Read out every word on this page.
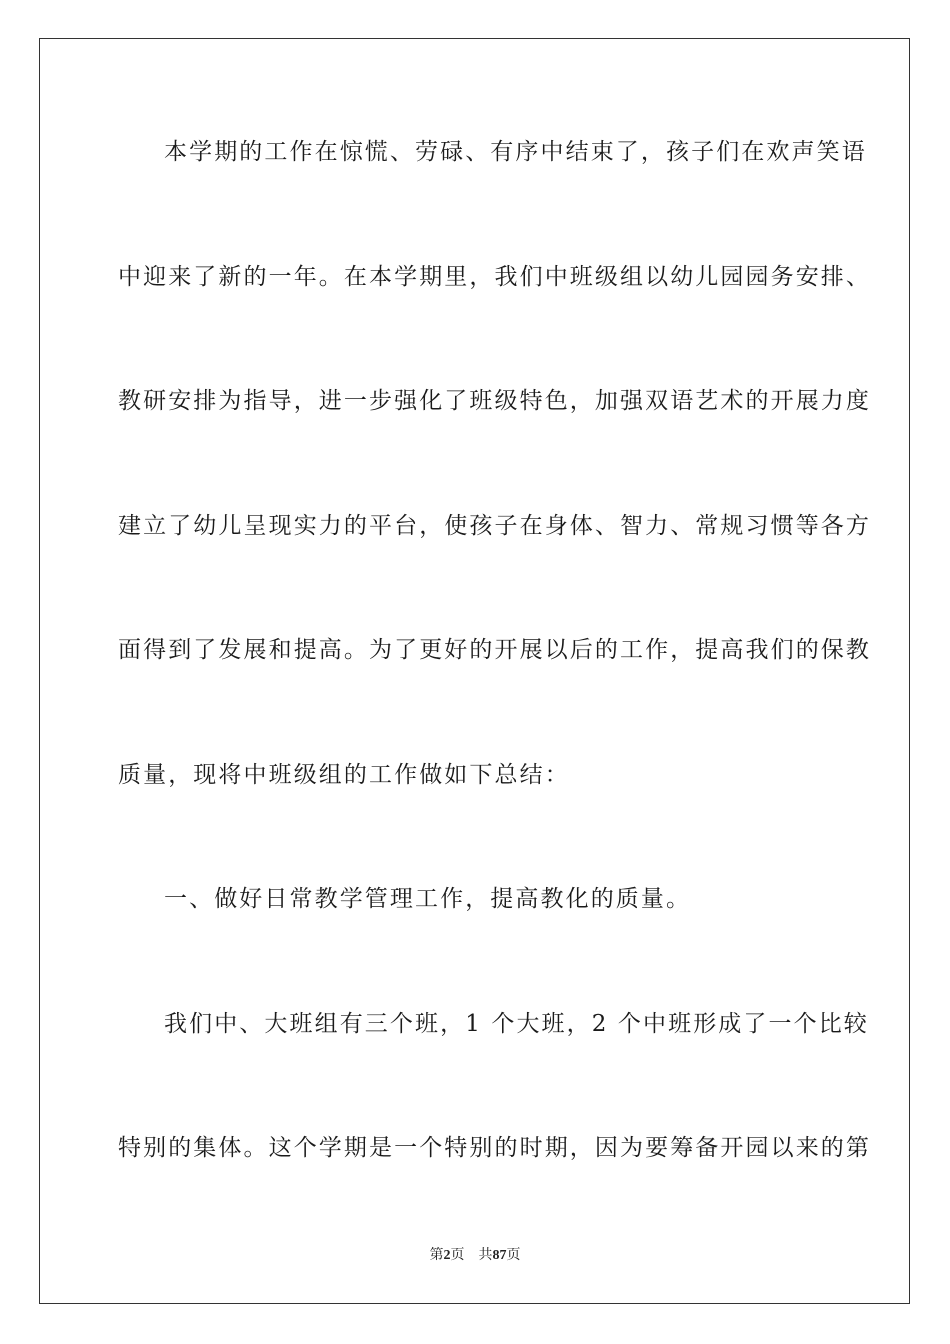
本学期的工作在惊慌、劳碌、有序中结束了，孩子们在欢声笑语
中迎来了新的一年。在本学期里，我们中班级组以幼儿园园务安排、
教研安排为指导，进一步强化了班级特色，加强双语艺术的开展力度
建立了幼儿呈现实力的平台，使孩子在身体、智力、常规习惯等各方
面得到了发展和提高。为了更好的开展以后的工作，提高我们的保教
质量，现将中班级组的工作做如下总结：
一、做好日常教学管理工作，提高教化的质量。
我们中、大班组有三个班，1 个大班，2 个中班形成了一个比较
特别的集体。这个学期是一个特别的时期，因为要筹备开园以来的第
第2页 共87页
